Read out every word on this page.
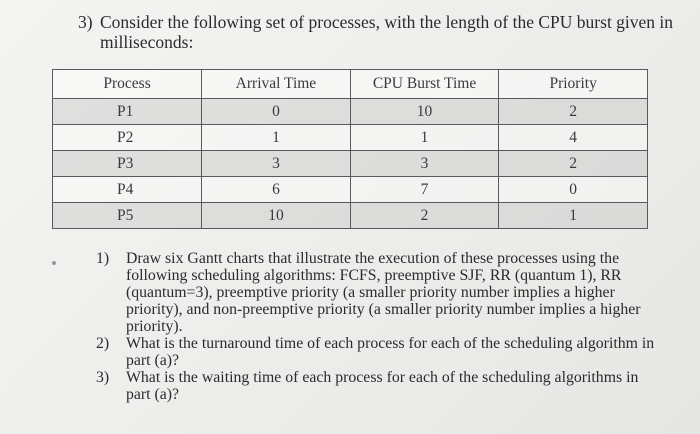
3) Consider the following set of processes, with the length of the CPU burst given in
milliseconds:

Process	Arrival Time	CPU Burst Time	Priority
P1	0	10	2
P2	1	1	4
P3	3	3	2
P4	6	7	0
P5	10	2	1
1) Draw six Gantt charts that illustrate the execution of these processes using the following scheduling algorithms: FCFS, preemptive SJF, RR (quantum 1), RR (quantum=3), preemptive priority (a smaller priority number implies a higher priority), and non-preemptive priority (a smaller priority number implies a higher priority).
2) What is the turnaround time of each process for each of the scheduling algorithm in part (a)?
3) What is the waiting time of each process for each of the scheduling algorithms in part (a)?
